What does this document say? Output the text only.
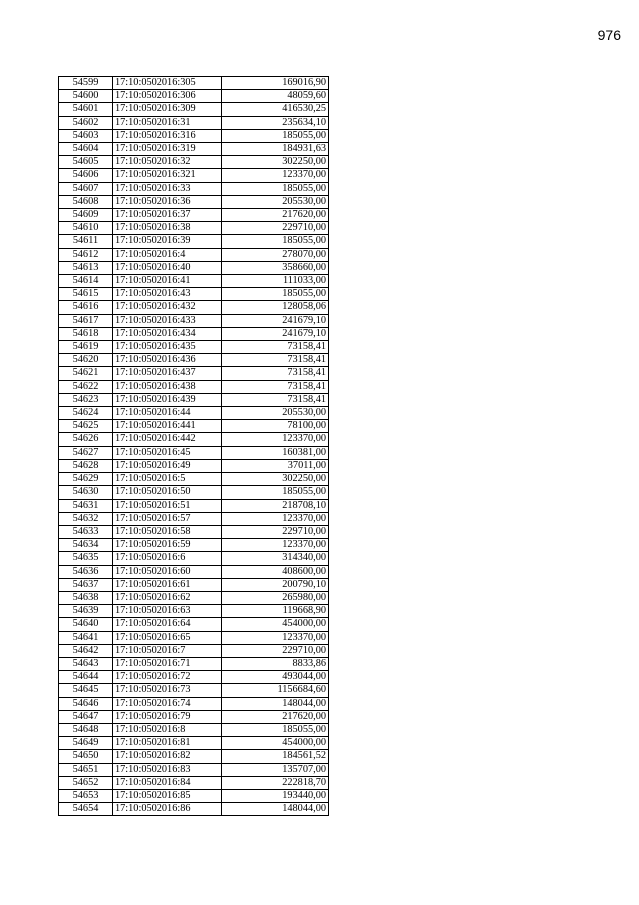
976
54599	17:10:0502016:305	169016,90
54600	17:10:0502016:306	48059,60
54601	17:10:0502016:309	416530,25
54602	17:10:0502016:31	235634,10
54603	17:10:0502016:316	185055,00
54604	17:10:0502016:319	184931,63
54605	17:10:0502016:32	302250,00
54606	17:10:0502016:321	123370,00
54607	17:10:0502016:33	185055,00
54608	17:10:0502016:36	205530,00
54609	17:10:0502016:37	217620,00
54610	17:10:0502016:38	229710,00
54611	17:10:0502016:39	185055,00
54612	17:10:0502016:4	278070,00
54613	17:10:0502016:40	358660,00
54614	17:10:0502016:41	111033,00
54615	17:10:0502016:43	185055,00
54616	17:10:0502016:432	128058,06
54617	17:10:0502016:433	241679,10
54618	17:10:0502016:434	241679,10
54619	17:10:0502016:435	73158,41
54620	17:10:0502016:436	73158,41
54621	17:10:0502016:437	73158,41
54622	17:10:0502016:438	73158,41
54623	17:10:0502016:439	73158,41
54624	17:10:0502016:44	205530,00
54625	17:10:0502016:441	78100,00
54626	17:10:0502016:442	123370,00
54627	17:10:0502016:45	160381,00
54628	17:10:0502016:49	37011,00
54629	17:10:0502016:5	302250,00
54630	17:10:0502016:50	185055,00
54631	17:10:0502016:51	218708,10
54632	17:10:0502016:57	123370,00
54633	17:10:0502016:58	229710,00
54634	17:10:0502016:59	123370,00
54635	17:10:0502016:6	314340,00
54636	17:10:0502016:60	408600,00
54637	17:10:0502016:61	200790,10
54638	17:10:0502016:62	265980,00
54639	17:10:0502016:63	119668,90
54640	17:10:0502016:64	454000,00
54641	17:10:0502016:65	123370,00
54642	17:10:0502016:7	229710,00
54643	17:10:0502016:71	8833,86
54644	17:10:0502016:72	493044,00
54645	17:10:0502016:73	1156684,60
54646	17:10:0502016:74	148044,00
54647	17:10:0502016:79	217620,00
54648	17:10:0502016:8	185055,00
54649	17:10:0502016:81	454000,00
54650	17:10:0502016:82	184561,52
54651	17:10:0502016:83	135707,00
54652	17:10:0502016:84	222818,70
54653	17:10:0502016:85	193440,00
54654	17:10:0502016:86	148044,00
